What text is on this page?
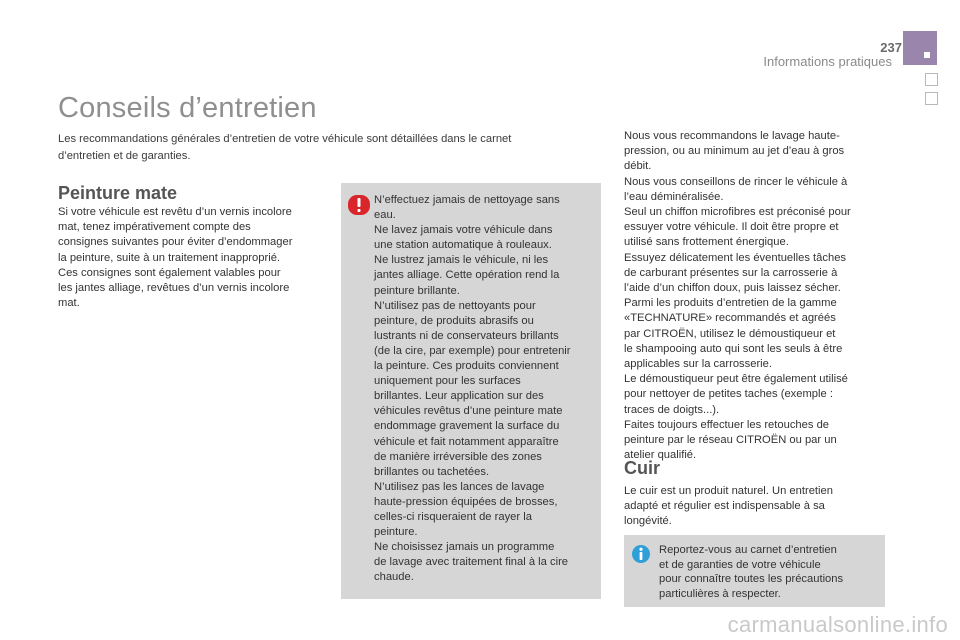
237
Informations pratiques
Conseils d’entretien
Les recommandations générales d’entretien de votre véhicule sont détaillées dans le carnet
d’entretien et de garanties.
Peinture mate
Si votre véhicule est revêtu d’un vernis incolore
mat, tenez impérativement compte des
consignes suivantes pour éviter d’endommager
la peinture, suite à un traitement inapproprié.
Ces consignes sont également valables pour
les jantes alliage, revêtues d’un vernis incolore
mat.
N’effectuez jamais de nettoyage sans
eau.
Ne lavez jamais votre véhicule dans
une station automatique à rouleaux.
Ne lustrez jamais le véhicule, ni les
jantes alliage. Cette opération rend la
peinture brillante.
N’utilisez pas de nettoyants pour
peinture, de produits abrasifs ou
lustrants ni de conservateurs brillants
(de la cire, par exemple) pour entretenir
la peinture. Ces produits conviennent
uniquement pour les surfaces
brillantes. Leur application sur des
véhicules revêtus d’une peinture mate
endommage gravement la surface du
véhicule et fait notamment apparaître
de manière irréversible des zones
brillantes ou tachetées.
N’utilisez pas les lances de lavage
haute-pression équipées de brosses,
celles-ci risqueraient de rayer la
peinture.
Ne choisissez jamais un programme
de lavage avec traitement final à la cire
chaude.
Nous vous recommandons le lavage haute-
pression, ou au minimum au jet d’eau à gros
débit.
Nous vous conseillons de rincer le véhicule à
l’eau déminéralisée.
Seul un chiffon microfibres est préconisé pour
essuyer votre véhicule. Il doit être propre et
utilisé sans frottement énergique.
Essuyez délicatement les éventuelles tâches
de carburant présentes sur la carrosserie à
l’aide d’un chiffon doux, puis laissez sécher.
Parmi les produits d’entretien de la gamme
«TECHNATURE» recommandés et agréés
par CITROËN, utilisez le démoustiqueur et
le shampooing auto qui sont les seuls à être
applicables sur la carrosserie.
Le démoustiqueur peut être également utilisé
pour nettoyer de petites taches (exemple :
traces de doigts...).
Faites toujours effectuer les retouches de
peinture par le réseau CITROËN ou par un
atelier qualifié.
Cuir
Le cuir est un produit naturel. Un entretien
adapté et régulier est indispensable à sa
longévité.
Reportez-vous au carnet d’entretien
et de garanties de votre véhicule
pour connaître toutes les précautions
particulières à respecter.
carmanualsonline.info
